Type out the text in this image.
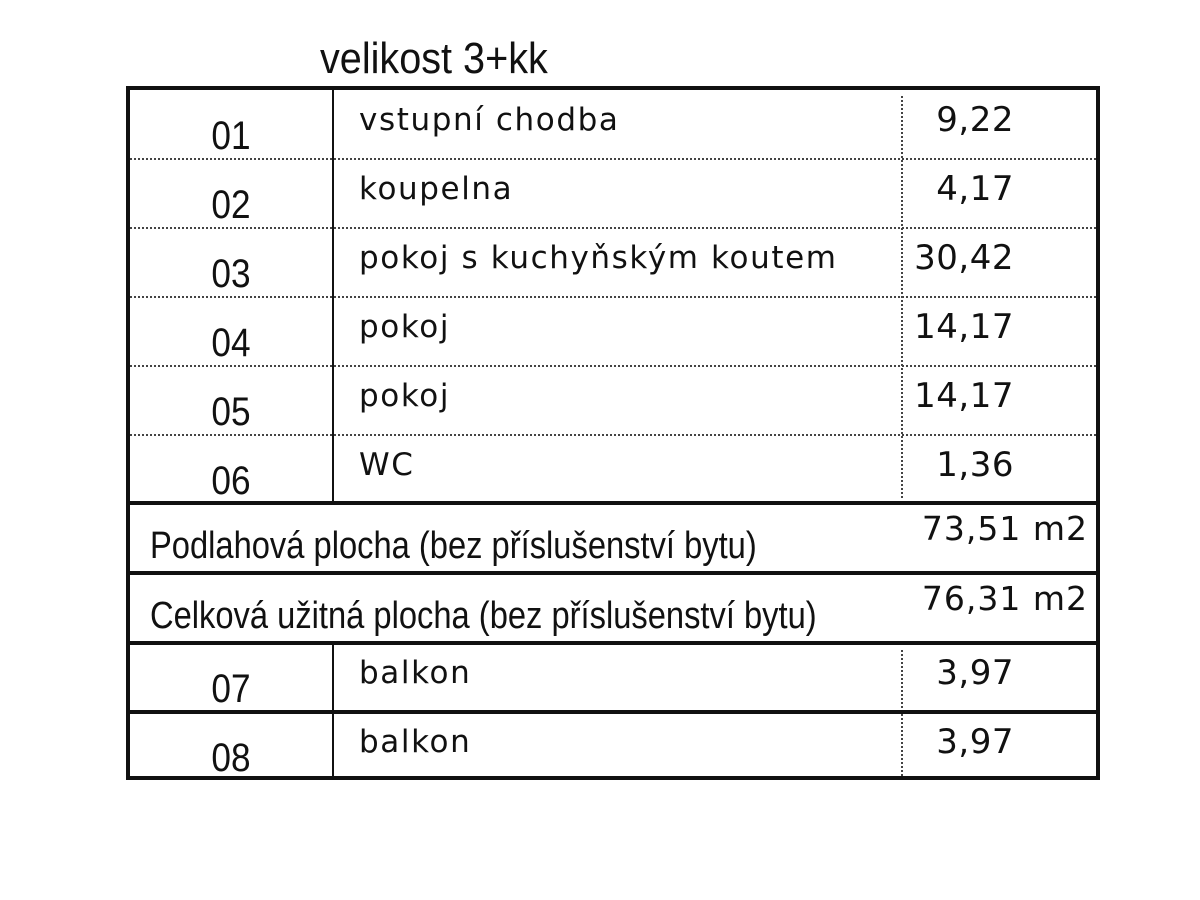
velikost 3+kk
01	vstupní chodba	9,22
02	koupelna	4,17
03	pokoj s kuchyňským koutem 30,42
04	pokoj	14,17
05	pokoj	14,17
06	WC	1,36
Podlahová plocha (bez příslušenství bytu)	73,51 m2
Celková užitná plocha (bez příslušenství bytu)	76,31 m2
07	balkon	3,97
08	balkon	3,97
